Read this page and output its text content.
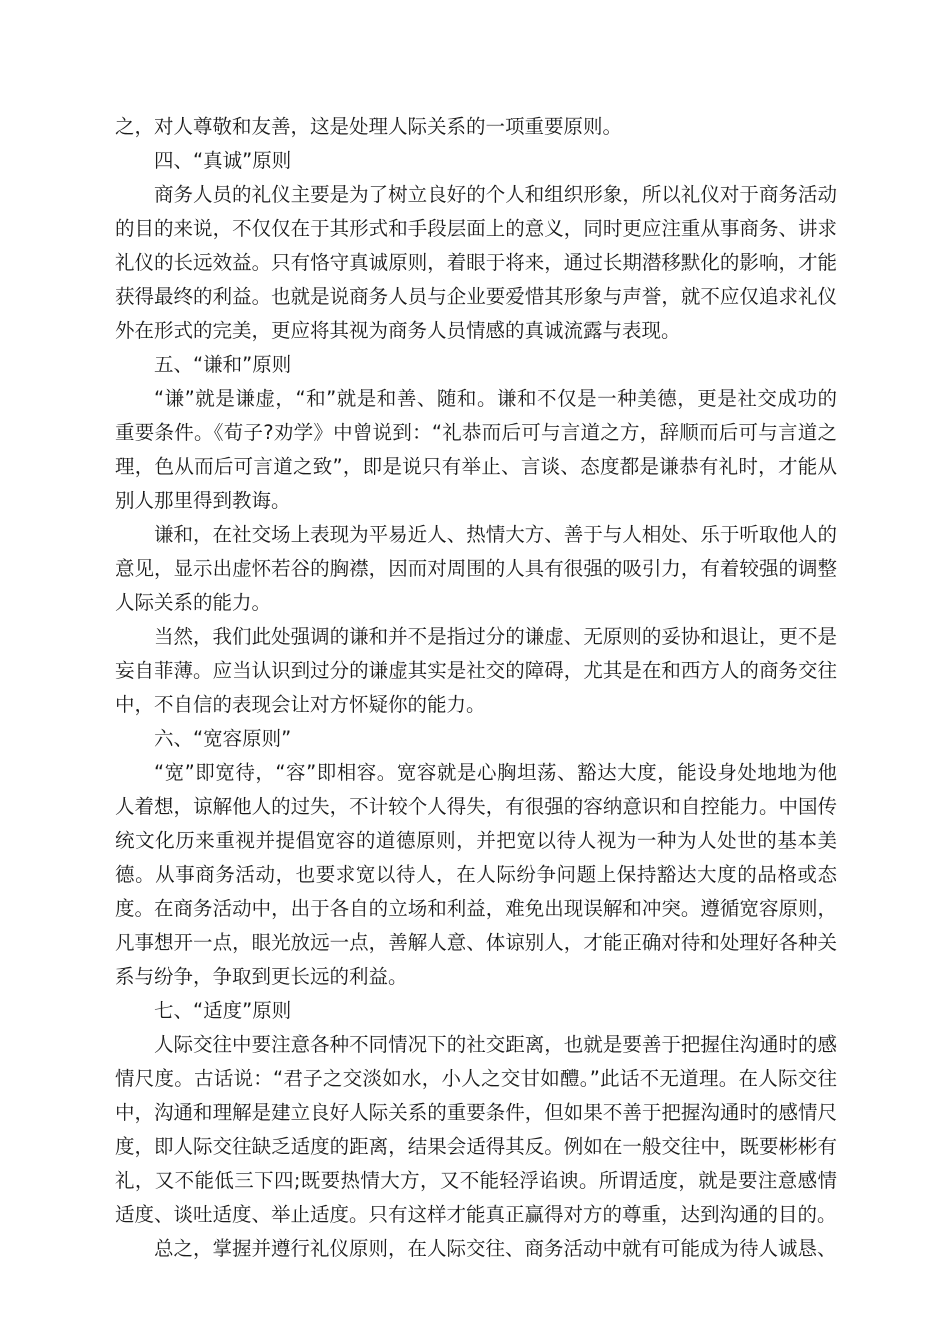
之，对人尊敬和友善，这是处理人际关系的一项重要原则。

四、“真诚”原则

商务人员的礼仪主要是为了树立良好的个人和组织形象，所以礼仪对于商务活动的目的来说，不仅仅在于其形式和手段层面上的意义，同时更应注重从事商务、讲求礼仪的长远效益。只有恪守真诚原则，着眼于将来，通过长期潜移默化的影响，才能获得最终的利益。也就是说商务人员与企业要爱惜其形象与声誉，就不应仅追求礼仪外在形式的完美，更应将其视为商务人员情感的真诚流露与表现。

五、“谦和”原则

“谦”就是谦虚，“和”就是和善、随和。谦和不仅是一种美德，更是社交成功的重要条件。《荀子?劝学》中曾说到：“礼恭而后可与言道之方，辞顺而后可与言道之理，色从而后可言道之致”，即是说只有举止、言谈、态度都是谦恭有礼时，才能从别人那里得到教诲。

谦和，在社交场上表现为平易近人、热情大方、善于与人相处、乐于听取他人的意见，显示出虚怀若谷的胸襟，因而对周围的人具有很强的吸引力，有着较强的调整人际关系的能力。

当然，我们此处强调的谦和并不是指过分的谦虚、无原则的妥协和退让，更不是妄自菲薄。应当认识到过分的谦虚其实是社交的障碍，尤其是在和西方人的商务交往中，不自信的表现会让对方怀疑你的能力。

六、“宽容原则”

“宽”即宽待，“容”即相容。宽容就是心胸坦荡、豁达大度，能设身处地地为他人着想，谅解他人的过失，不计较个人得失，有很强的容纳意识和自控能力。中国传统文化历来重视并提倡宽容的道德原则，并把宽以待人视为一种为人处世的基本美德。从事商务活动，也要求宽以待人，在人际纷争问题上保持豁达大度的品格或态度。在商务活动中，出于各自的立场和利益，难免出现误解和冲突。遵循宽容原则，凡事想开一点，眼光放远一点，善解人意、体谅别人，才能正确对待和处理好各种关系与纷争，争取到更长远的利益。

七、“适度”原则

人际交往中要注意各种不同情况下的社交距离，也就是要善于把握住沟通时的感情尺度。古话说：“君子之交淡如水，小人之交甘如醴。”此话不无道理。在人际交往中，沟通和理解是建立良好人际关系的重要条件，但如果不善于把握沟通时的感情尺度，即人际交往缺乏适度的距离，结果会适得其反。例如在一般交往中，既要彬彬有礼，又不能低三下四;既要热情大方，又不能轻浮谄谀。所谓适度，就是要注意感情适度、谈吐适度、举止适度。只有这样才能真正赢得对方的尊重，达到沟通的目的。

总之，掌握并遵行礼仪原则，在人际交往、商务活动中就有可能成为待人诚恳、
